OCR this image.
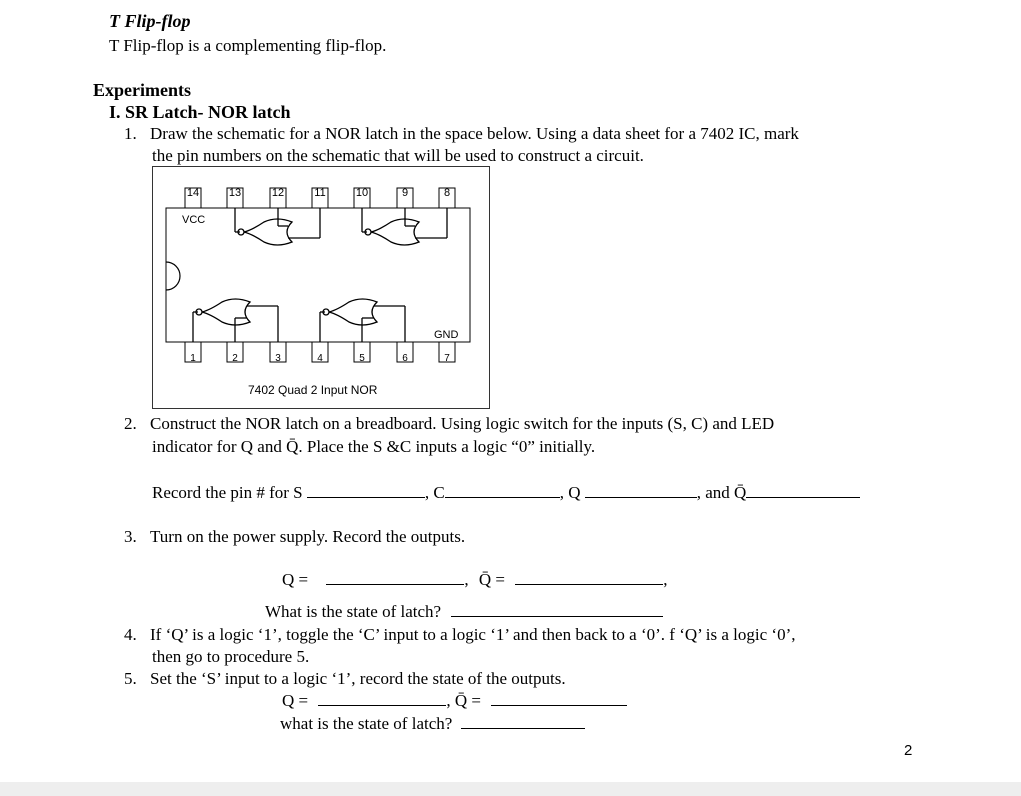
T Flip-flop
T Flip-flop is a complementing flip-flop.
Experiments
I. SR Latch- NOR latch
1. Draw the schematic for a NOR latch in the space below. Using a data sheet for a 7402 IC, mark
the pin numbers on the schematic that will be used to construct a circuit.
14	13	12	11	10	9	8
1	2	3	4	5	6	7
VCC
GND
7402 Quad 2 Input NOR
2. Construct the NOR latch on a breadboard. Using logic switch for the inputs (S, C) and LED
indicator for Q and Q̄. Place the S &C inputs a logic “0” initially.
Record the pin # for S	, C	, Q	, and Q̄
3. Turn on the power supply. Record the outputs.
Q =	, Q̄ =	,
What is the state of latch?
4. If ‘Q’ is a logic ‘1’, toggle the ‘C’ input to a logic ‘1’ and then back to a ‘0’. f ‘Q’ is a logic ‘0’,
then go to procedure 5.
5. Set the ‘S’ input to a logic ‘1’, record the state of the outputs.
Q =	, Q̄ =
what is the state of latch?
2
